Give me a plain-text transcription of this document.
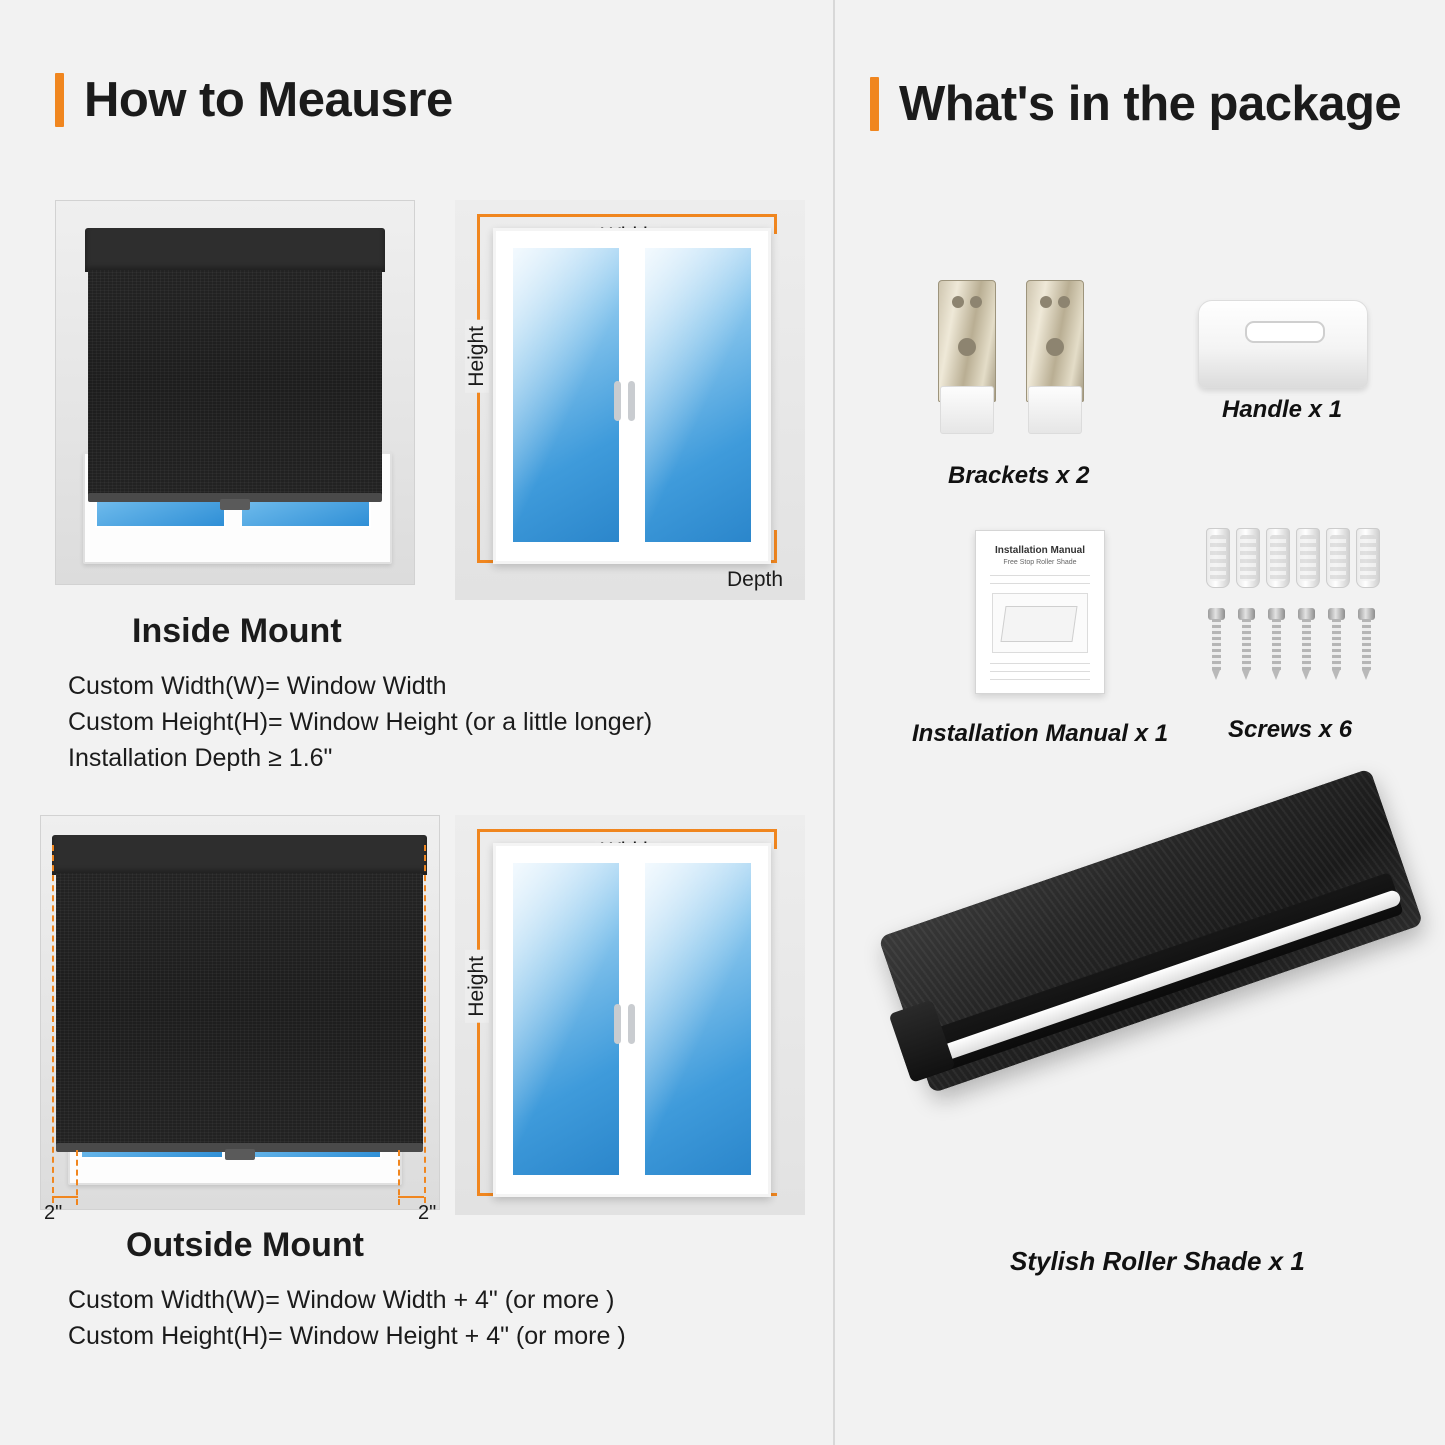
How to Meausre	What's in the package
Height
Depth
Inside Mount
Custom Width(W)= Window Width
Custom Height(H)= Window Height (or a little longer)
Installation Depth ≥ 1.6"
2"	2"
Height
Outside Mount
Custom Width(W)= Window Width + 4" (or more )
Custom Height(H)= Window Height + 4" (or more )
Brackets x 2
Handle x 1
Installation Manual
Free Stop Roller Shade
Installation Manual x 1 Screws x 6
Stylish Roller Shade x 1
